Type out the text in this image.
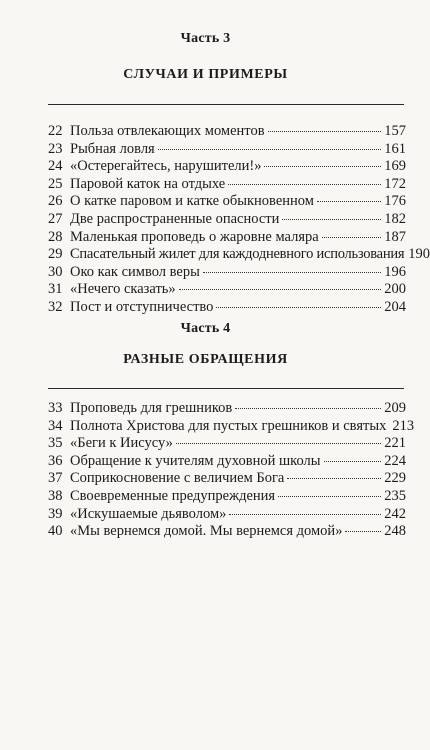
Часть 3
СЛУЧАИ И ПРИМЕРЫ
22 Польза отвлекающих моментов	157
23 Рыбная ловля	161
24 «Остерегайтесь, нарушители!»	169
25 Паровой каток на отдыхе	172
26 О катке паровом и катке обыкновенном	176
27 Две распространенные опасности	182
28 Маленькая проповедь о жаровне маляра	187
29 Спасательный жилет для каждодневного использования 190
30 Око как символ веры	196
31 «Нечего сказать»	200
32 Пост и отступничество	204
Часть 4
РАЗНЫЕ ОБРАЩЕНИЯ
33 Проповедь для грешников	209
34 Полнота Христова для пустых грешников и святых 213
35 «Беги к Иисусу»	221
36 Обращение к учителям духовной школы	224
37 Соприкосновение с величием Бога	229
38 Своевременные предупреждения	235
39 «Искушаемые дьяволом»	242
40 «Мы вернемся домой. Мы вернемся домой»	248
